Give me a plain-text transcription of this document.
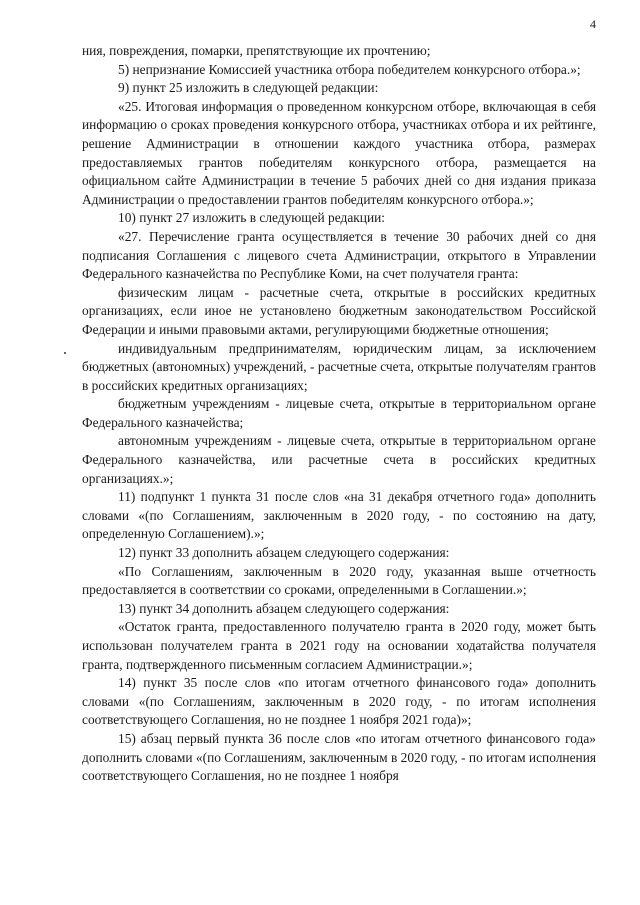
4

ния, повреждения, помарки, препятствующие их прочтению;

5) непризнание Комиссией участника отбора победителем конкурсного отбора.»;

9) пункт 25 изложить в следующей редакции:

«25. Итоговая информация о проведенном конкурсном отборе, включающая в себя информацию о сроках проведения конкурсного отбора, участниках отбора и их рейтинге, решение Администрации в отношении каждого участника отбора, размерах предоставляемых грантов победителям конкурсного отбора, размещается на официальном сайте Администрации в течение 5 рабочих дней со дня издания приказа Администрации о предоставлении грантов победителям конкурсного отбора.»;

10) пункт 27 изложить в следующей редакции:

«27. Перечисление гранта осуществляется в течение 30 рабочих дней со дня подписания Соглашения с лицевого счета Администрации, открытого в Управлении Федерального казначейства по Республике Коми, на счет получателя гранта:

физическим лицам - расчетные счета, открытые в российских кредитных организациях, если иное не установлено бюджетным законодательством Российской Федерации и иными правовыми актами, регулирующими бюджетные отношения;

индивидуальным предпринимателям, юридическим лицам, за исключением бюджетных (автономных) учреждений, - расчетные счета, открытые получателям грантов в российских кредитных организациях;

бюджетным учреждениям - лицевые счета, открытые в территориальном органе Федерального казначейства;

автономным учреждениям - лицевые счета, открытые в территориальном органе Федерального казначейства, или расчетные счета в российских кредитных организациях.»;

11) подпункт 1 пункта 31 после слов «на 31 декабря отчетного года» дополнить словами «(по Соглашениям, заключенным в 2020 году, - по состоянию на дату, определенную Соглашением).»;

12) пункт 33 дополнить абзацем следующего содержания:

«По Соглашениям, заключенным в 2020 году, указанная выше отчетность предоставляется в соответствии со сроками, определенными в Соглашении.»;

13) пункт 34 дополнить абзацем следующего содержания:

«Остаток гранта, предоставленного получателю гранта в 2020 году, может быть использован получателем гранта в 2021 году на основании ходатайства получателя гранта, подтвержденного письменным согласием Администрации.»;

14) пункт 35 после слов «по итогам отчетного финансового года» дополнить словами «(по Соглашениям, заключенным в 2020 году, - по итогам исполнения соответствующего Соглашения, но не позднее 1 ноября 2021 года)»;

15) абзац первый пункта 36 после слов «по итогам отчетного финансового года» дополнить словами «(по Соглашениям, заключенным в 2020 году, - по итогам исполнения соответствующего Соглашения, но не позднее 1 ноября
